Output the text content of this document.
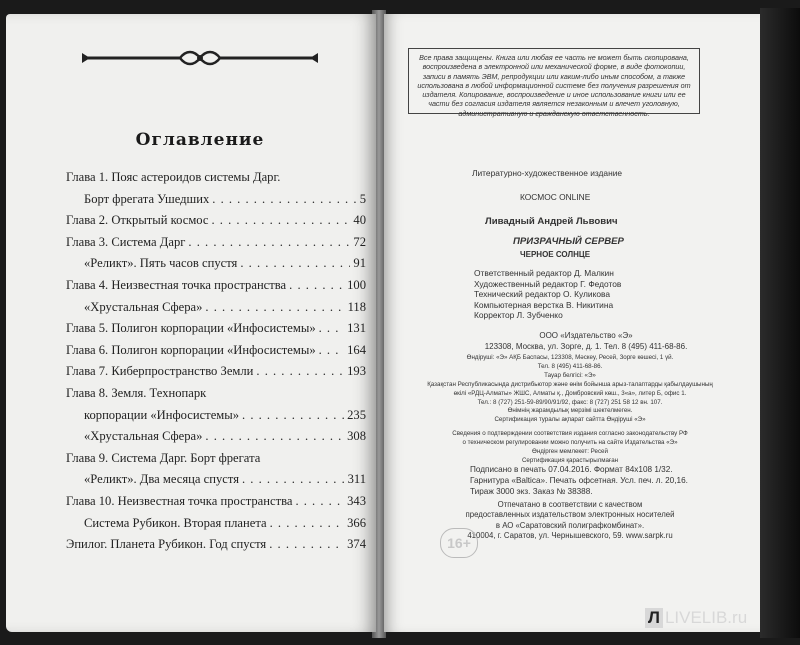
Оглавление
Глава 1. Пояс астероидов системы Дарг.
Борт фрегата Ушедших . . .	5
Глава 2. Открытый космос . . .	40
Глава 3. Система Дарг . . .	72
«Реликт». Пять часов спустя . . .	91
Глава 4. Неизвестная точка пространства . . .	100
«Хрустальная Сфера» . . .	118
Глава 5. Полигон корпорации «Инфосистемы» . . . 131
Глава 6. Полигон корпорации «Инфосистемы» . . . 164
Глава 7. Киберпространство Земли . . .	193
Глава 8. Земля. Технопарк
корпорации «Инфосистемы» . . .	235
«Хрустальная Сфера» . . .	308
Глава 9. Система Дарг. Борт фрегата
«Реликт». Два месяца спустя . . .	311
Глава 10. Неизвестная точка пространства . . .	343
Система Рубикон. Вторая планета . . .	366
Эпилог. Планета Рубикон. Год спустя . . .	374
Все права защищены. Книга или любая ее часть не может быть скопирована, воспроизведена в электронной или механической форме, в виде фотокопии, записи в память ЭВМ, репродукции или каким-либо иным способом, а также использована в любой информационной системе без получения разрешения от издателя. Копирование, воспроизведение и иное использование книги или ее части без согласия издателя является незаконным и влечет уголовную, административную и гражданскую ответственность.
Литературно-художественное издание
КОСМОС ONLINE
Ливадный Андрей Львович
ПРИЗРАЧНЫЙ СЕРВЕР
ЧЕРНОЕ СОЛНЦЕ
Ответственный редактор Д. Малкин
Художественный редактор Г. Федотов
Технический редактор О. Куликова
Компьютерная верстка В. Никитина
Корректор Л. Зубченко
ООО «Издательство «Э»
123308, Москва, ул. Зорге, д. 1. Тел. 8 (495) 411-68-86.
Өндіруші: «Э» АҚБ Баспасы, 123308, Мәскеу, Ресей, Зорге көшесі, 1 үй.
Тел. 8 (495) 411-68-86.
Тауар белгісі: «Э»
Қазақстан Республикасында дистрибьютор және өнім бойынша арыз-талаптарды қабылдаушының
өкілі «РДЦ-Алматы» ЖШС, Алматы қ., Домбровский көш., 3«а», литер Б, офис 1.
Тел.: 8 (727) 251-59-89/90/91/92, факс: 8 (727) 251 58 12 вн. 107.
Өнімнің жарамдылық мерзімі шектелмеген.
Сертификация туралы ақпарат сайтта Өндіруші «Э»
Сведения о подтверждении соответствия издания согласно законодательству РФ
о техническом регулировании можно получить на сайте Издательства «Э»
Өндірген мемлекет: Ресей
Сертификация қарастырылмаған
Подписано в печать 07.04.2016. Формат 84x108 1/32.
Гарнитура «Baltica». Печать офсетная. Усл. печ. л. 20,16.
Тираж 3000 экз. Заказ № 38388.
Отпечатано в соответствии с качеством
предоставленных издательством электронных носителей
в АО «Саратовский полиграфкомбинат».
410004, г. Саратов, ул. Чернышевского, 59. www.sarpk.ru
16+
Л LIVELIB.ru
